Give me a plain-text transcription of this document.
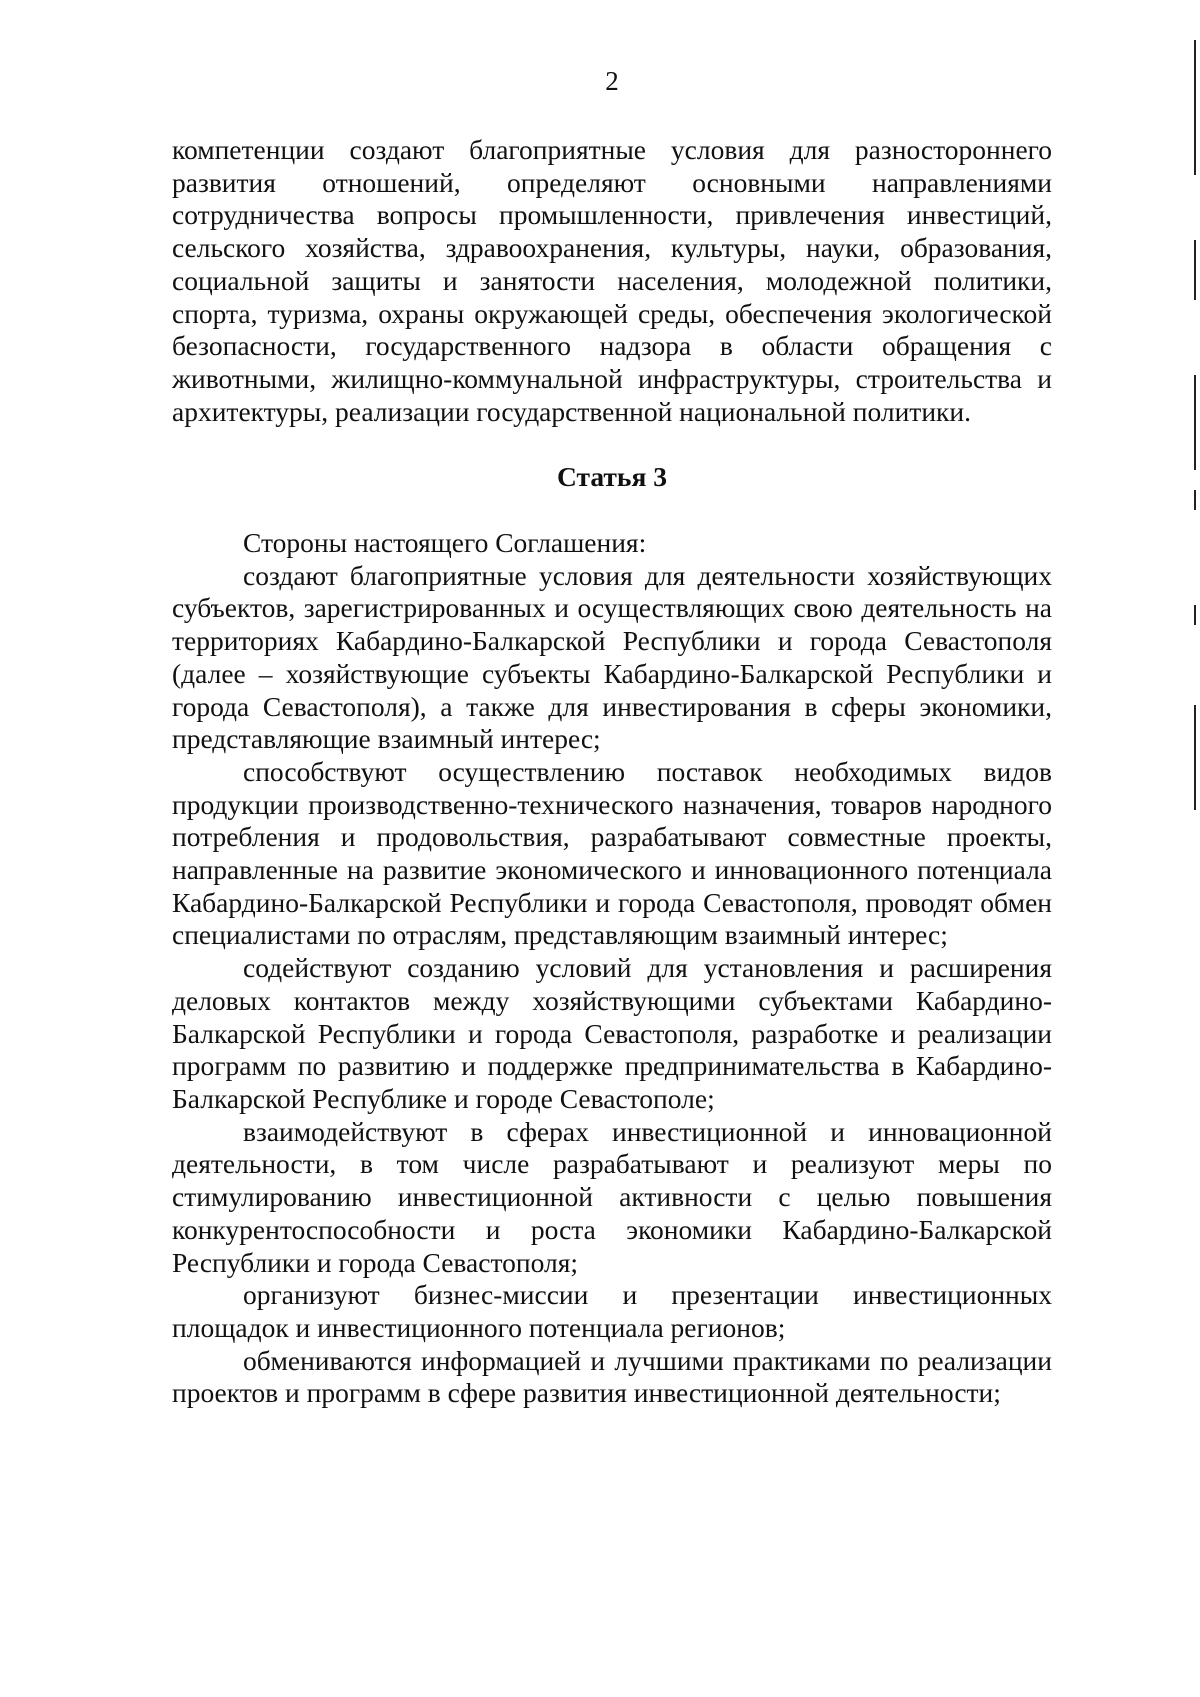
2

компетенции создают благоприятные условия для разностороннего развития отношений, определяют основными направлениями сотрудничества вопросы промышленности, привлечения инвестиций, сельского хозяйства, здравоохранения, культуры, науки, образования, социальной защиты и занятости населения, молодежной политики, спорта, туризма, охраны окружающей среды, обеспечения экологической безопасности, государственного надзора в области обращения с животными, жилищно-коммунальной инфраструктуры, строительства и архитектуры, реализации государственной национальной политики.

Статья 3

Стороны настоящего Соглашения:

создают благоприятные условия для деятельности хозяйствующих субъектов, зарегистрированных и осуществляющих свою деятельность на территориях Кабардино-Балкарской Республики и города Севастополя (далее – хозяйствующие субъекты Кабардино-Балкарской Республики и города Севастополя), а также для инвестирования в сферы экономики, представляющие взаимный интерес;

способствуют осуществлению поставок необходимых видов продукции производственно-технического назначения, товаров народного потребления и продовольствия, разрабатывают совместные проекты, направленные на развитие экономического и инновационного потенциала Кабардино-Балкарской Республики и города Севастополя, проводят обмен специалистами по отраслям, представляющим взаимный интерес;

содействуют созданию условий для установления и расширения деловых контактов между хозяйствующими субъектами Кабардино-Балкарской Республики и города Севастополя, разработке и реализации программ по развитию и поддержке предпринимательства в Кабардино-Балкарской Республике и городе Севастополе;

взаимодействуют в сферах инвестиционной и инновационной деятельности, в том числе разрабатывают и реализуют меры по стимулированию инвестиционной активности с целью повышения конкурентоспособности и роста экономики Кабардино-Балкарской Республики и города Севастополя;

организуют бизнес-миссии и презентации инвестиционных площадок и инвестиционного потенциала регионов;

обмениваются информацией и лучшими практиками по реализации проектов и программ в сфере развития инвестиционной деятельности;
